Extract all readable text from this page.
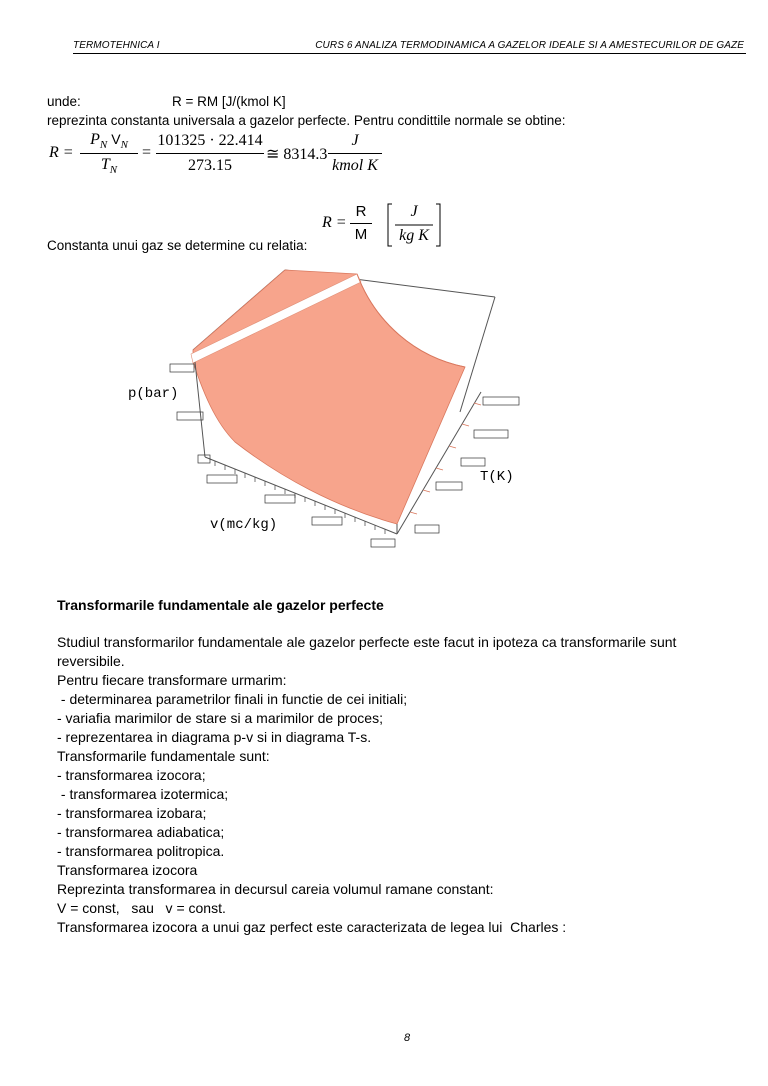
TERMOTEHNICA I	CURS 6 ANALIZA TERMODINAMICA A GAZELOR IDEALE SI A AMESTECURILOR DE GAZE
unde:	R = RM [J/(kmol K]
reprezinta constanta universala a gazelor perfecte. Pentru condittile normale se obtine:
R =
$P_N$ $V_N$
$T_N$
=
101325 · 22.414
273.15
≅ 8314.3
J
kmol K
R =
R
M
J
kg K
Constanta unui gaz se determine cu relatia:
p(bar)
T(K)
v(mc/kg)
Transformarile fundamentale ale gazelor perfecte
Studiul transformarilor fundamentale ale gazelor perfecte este facut in ipoteza ca transformarile sunt
reversibile.
Pentru fiecare transformare urmarim:
- determinarea parametrilor finali in functie de cei initiali;
- variafia marimilor de stare si a marimilor de proces;
- reprezentarea in diagrama p-v si in diagrama T-s.
Transformarile fundamentale sunt:
- transformarea izocora;
- transformarea izotermica;
- transformarea izobara;
- transformarea adiabatica;
- transformarea politropica.
Transformarea izocora
Reprezinta transformarea in decursul careia volumul ramane constant:
V = const,   sau   v = const.
Transformarea izocora a unui gaz perfect este caracterizata de legea lui  Charles :
8
